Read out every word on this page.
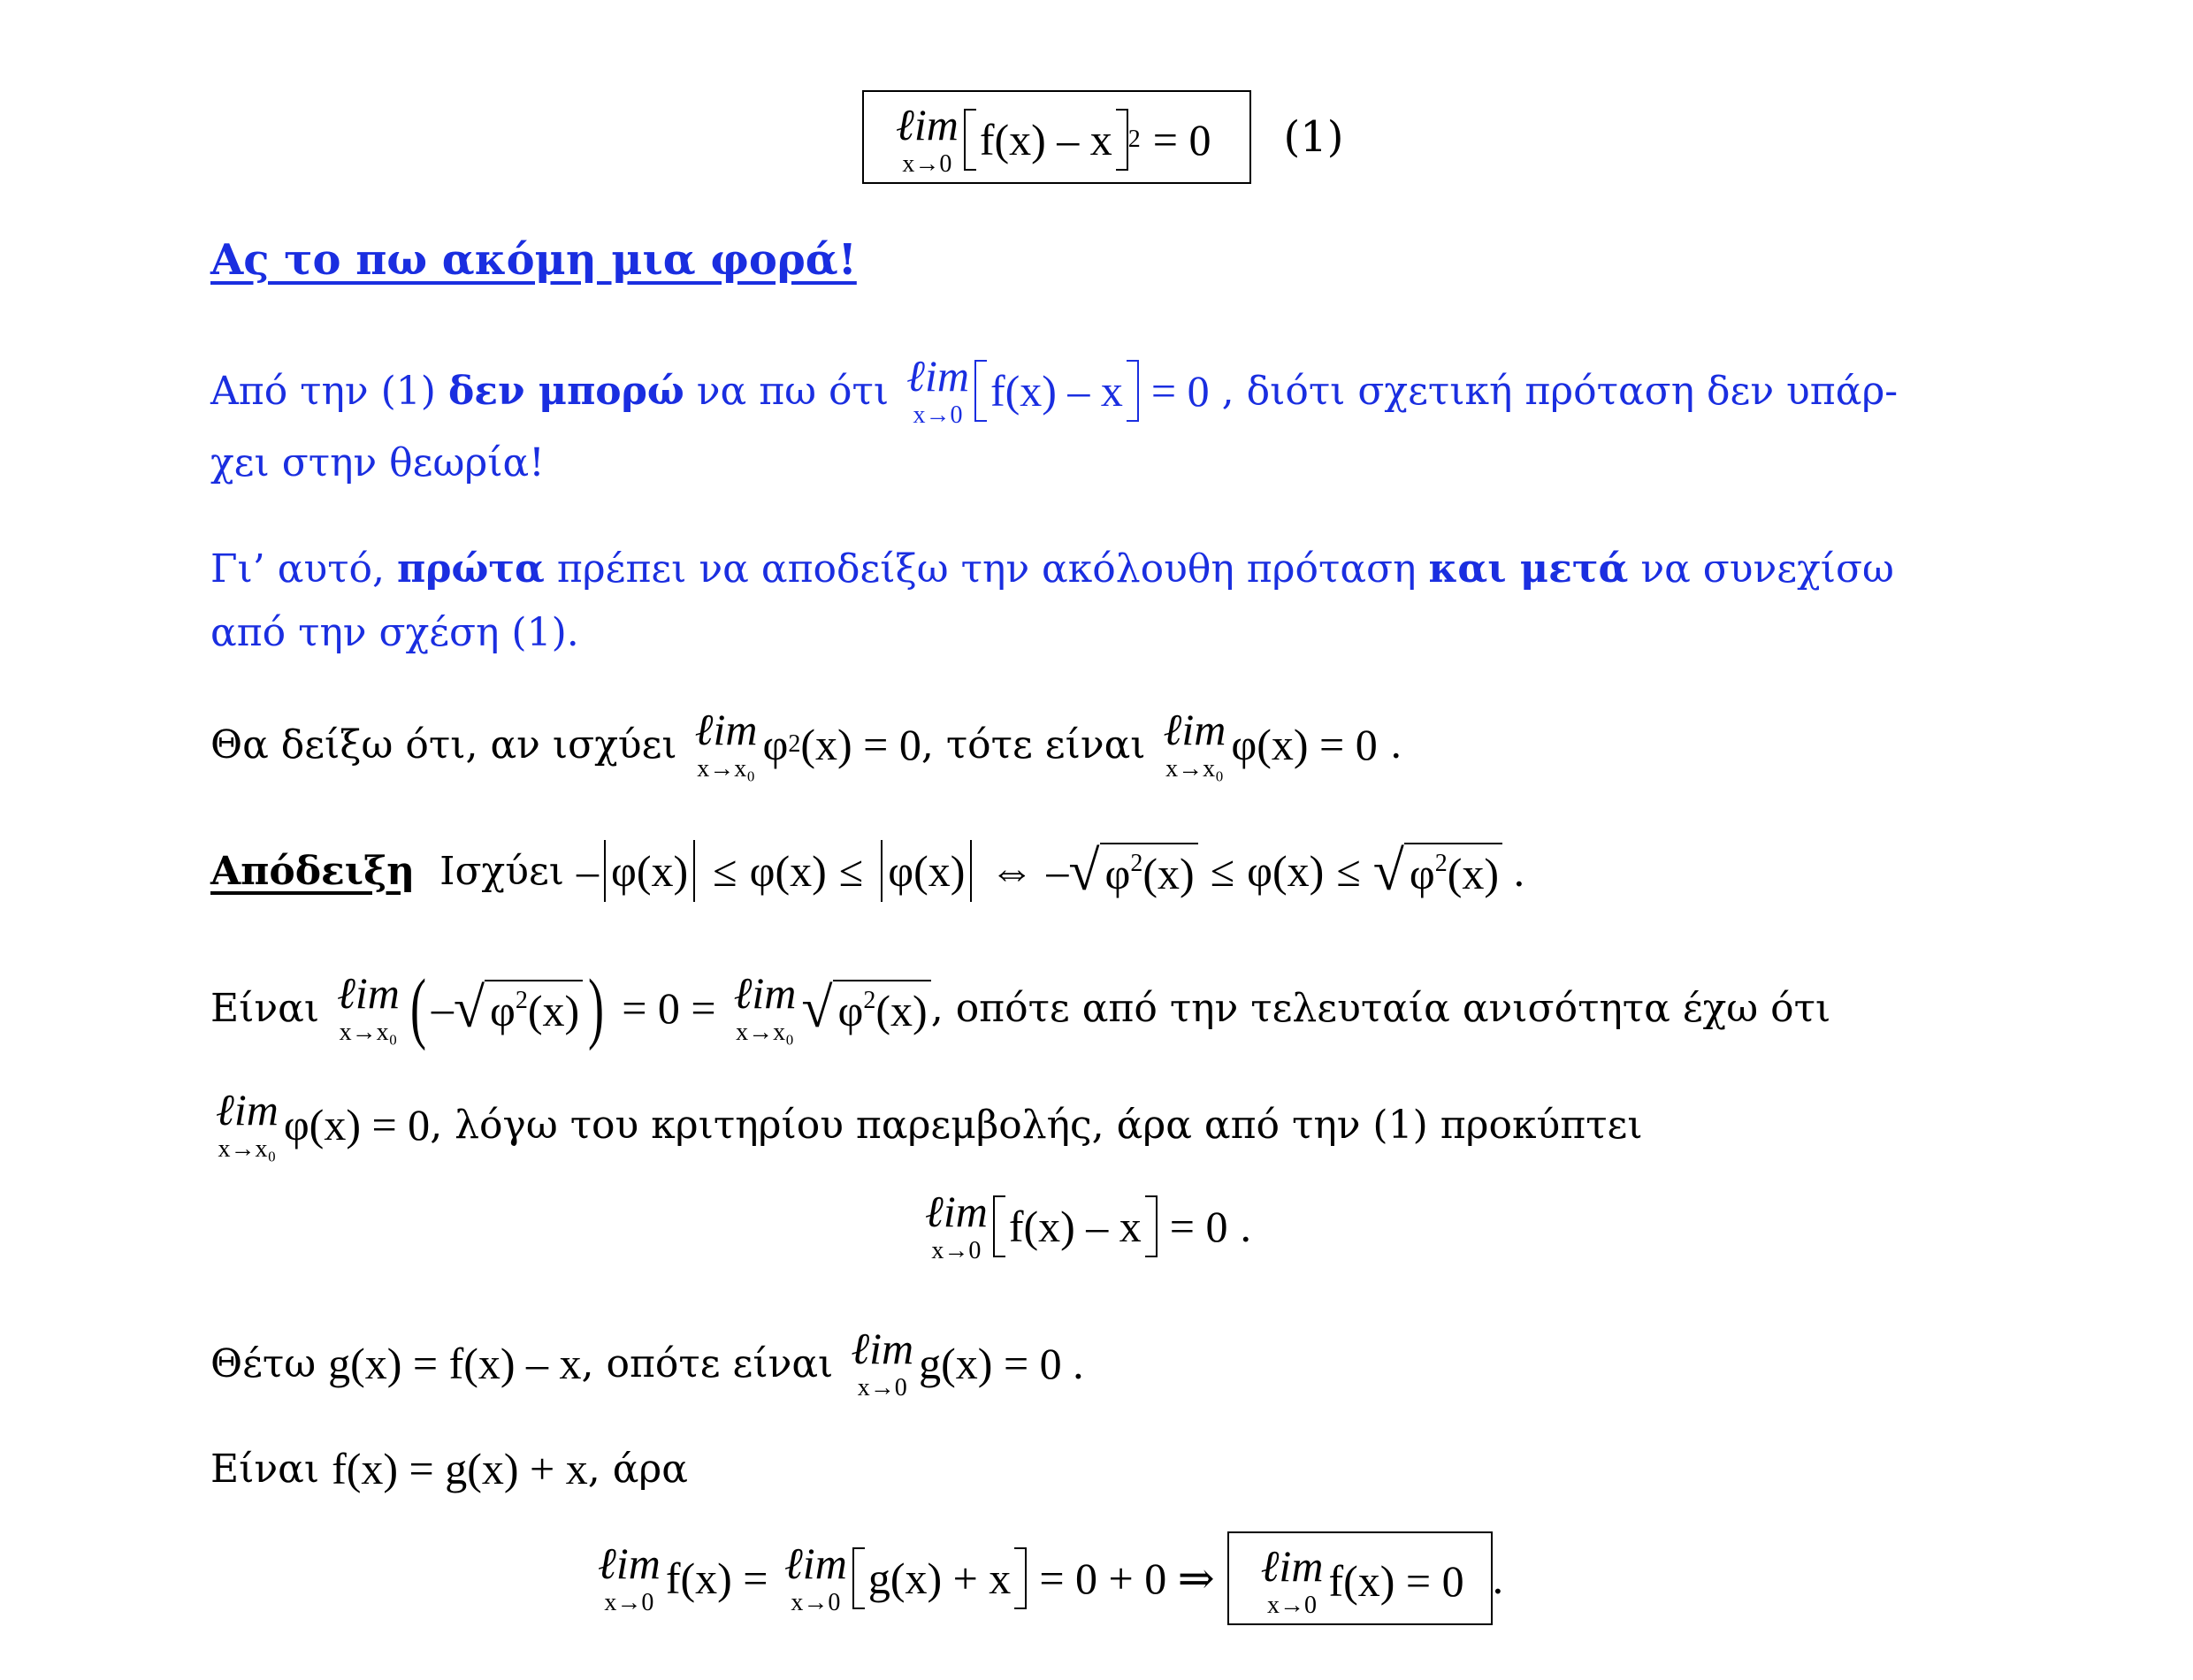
ℓim
x→0 f(x) – x 2 = 0 (1)
Ας το πω ακόμη μια φορά!
Από την (1)
δεν μπορώ
να πω ότι
ℓim
x→0 f(x) – x = 0 , διότι σχετική πρόταση δεν υπάρ-
χει στην θεωρία!
Γι’ αυτό,
πρώτα
πρέπει να αποδείξω την ακόλουθη πρόταση
και μετά
να συνεχίσω
από την σχέση (1).
Θα δείξω ότι, αν ισχύει
ℓim
x→x₀ φ 2 (x) = 0 , τότε είναι
ℓim
x→x₀ φ(x) = 0
.
Απόδειξη
Ισχύει
– φ(x) ≤ φ(x) ≤ φ(x) ⇔ – √ $\varphi^2(x) \le \varphi(x)$ ≤ √ $\varphi^2(x)$
.
Είναι
ℓim
x→x₀ ( – √ $\varphi^2(x)$ ) = 0 = ℓim
x→x₀ √ $\varphi^2(x)$ , οπότε από την τελευταία ανισότητα έχω ότι
ℓim
x→x₀ φ(x) = 0 , λόγω του κριτηρίου παρεμβολής, άρα από την (1) προκύπτει
ℓim
x→0 f(x) – x = 0 .
Θέτω
g(x) = f(x) – x , οπότε είναι
ℓim
x→0 g(x) = 0
.
Είναι
f(x) = g(x) + x , άρα
ℓim
x→0 f(x) =
ℓim
x→0 g(x) + x = 0 + 0 ⇒ ℓim
x→0 f(x) = 0 .
